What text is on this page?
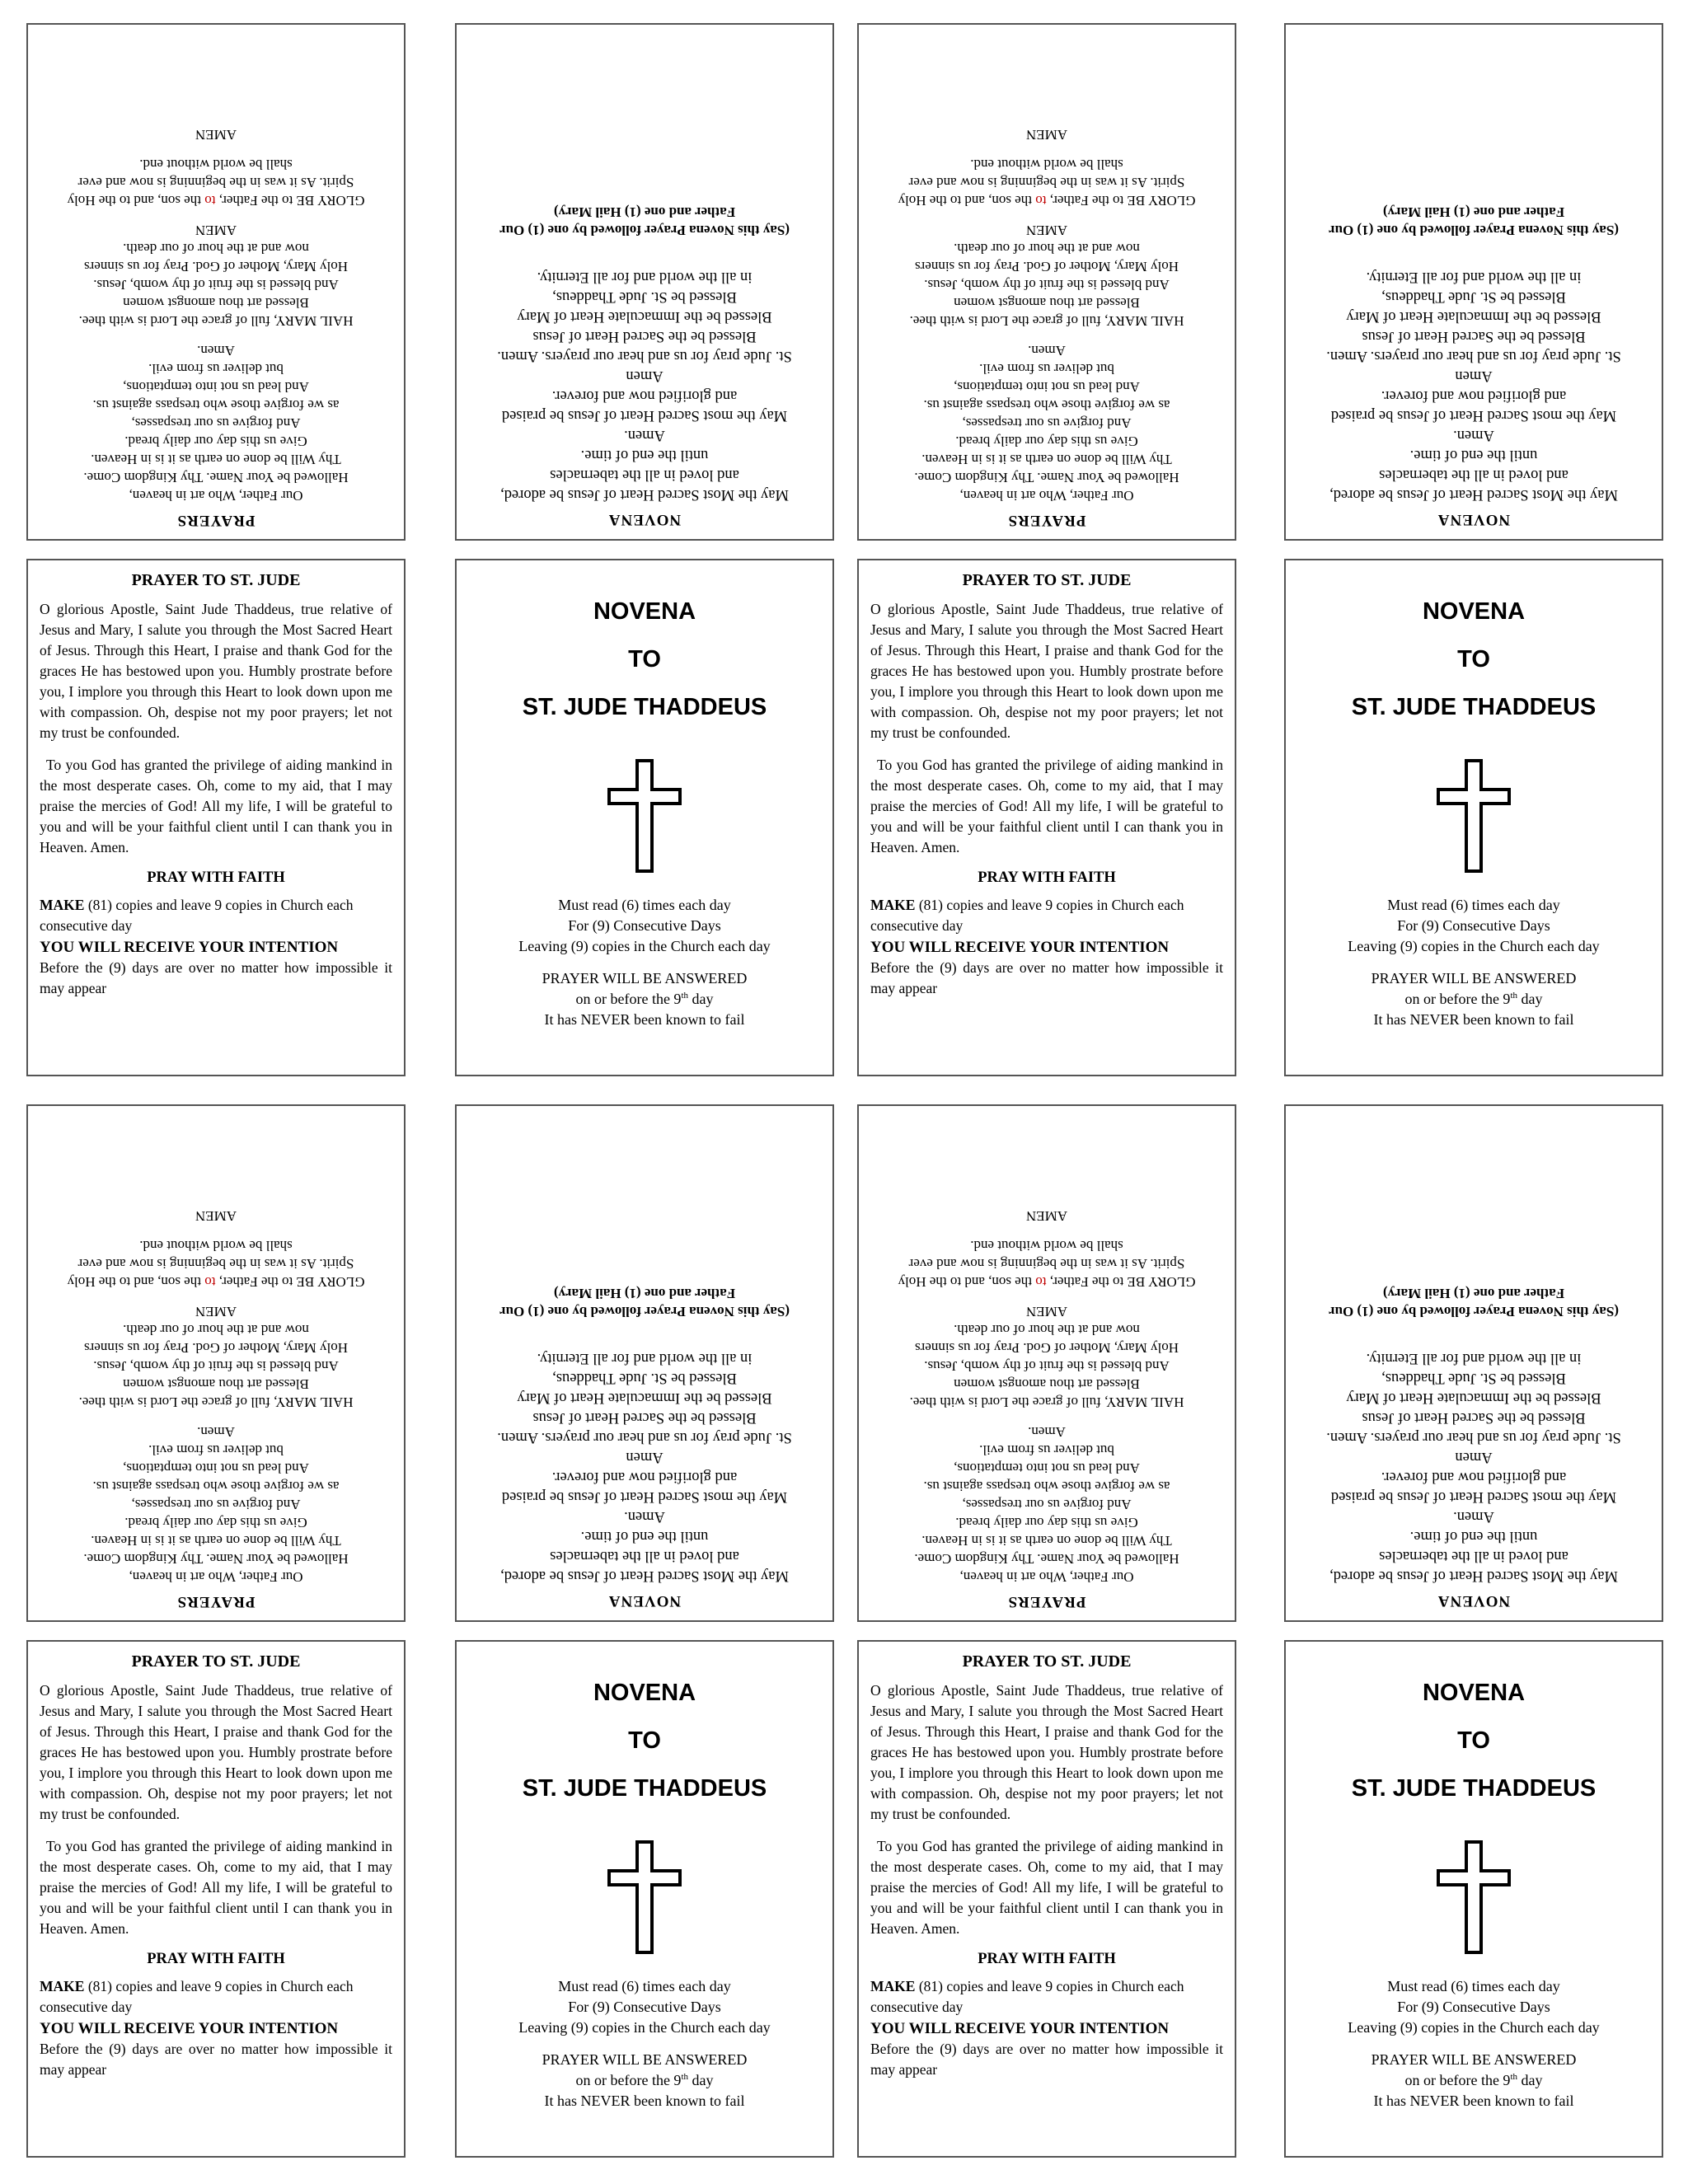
PRAYERS
Our Father, Who art in heaven,
Hallowed be Your Name. Thy Kingdom Come.
Thy Will be done on earth as it is in Heaven.
Give us this day our daily bread.
And forgive us our trespasses,
as we forgive those who trespass against us.
And lead us not into temptations,
but deliver us from evil.
Amen.
HAIL MARY, full of grace the Lord is with thee.
Blessed art thou amongst women
And blessed is the fruit of thy womb, Jesus.
Holy Mary, Mother of God. Pray for us sinners
now and at the hour of our death.
AMEN
GLORY BE to the Father, to the son, and to the Holy
Spirit. As it was in the beginning is now and ever
shall be world without end.
AMEN
NOVENA
May the Most Sacred Heart of Jesus be adored,
and loved in all the tabernacles
until the end of time.
Amen.
May the most Sacred Heart of Jesus be praised
and glorified now and forever.
Amen
St. Jude pray for us and hear our prayers. Amen.
Blessed be the Sacred Heart of Jesus
Blessed be the Immaculate Heart of Mary
Blessed be St. Jude Thaddeus,
in all the world and for all Eternity.
(Say this Novena Prayer followed by one (1) Our
Father and one (1) Hail Mary)
PRAYERS
Our Father, Who art in heaven,
Hallowed be Your Name. Thy Kingdom Come.
Thy Will be done on earth as it is in Heaven.
Give us this day our daily bread.
And forgive us our trespasses,
as we forgive those who trespass against us.
And lead us not into temptations,
but deliver us from evil.
Amen.
HAIL MARY, full of grace the Lord is with thee.
Blessed art thou amongst women
And blessed is the fruit of thy womb, Jesus.
Holy Mary, Mother of God. Pray for us sinners
now and at the hour of our death.
AMEN
GLORY BE to the Father, to the son, and to the Holy
Spirit. As it was in the beginning is now and ever
shall be world without end.
AMEN
NOVENA
May the Most Sacred Heart of Jesus be adored,
and loved in all the tabernacles
until the end of time.
Amen.
May the most Sacred Heart of Jesus be praised
and glorified now and forever.
Amen
St. Jude pray for us and hear our prayers. Amen.
Blessed be the Sacred Heart of Jesus
Blessed be the Immaculate Heart of Mary
Blessed be St. Jude Thaddeus,
in all the world and for all Eternity.
(Say this Novena Prayer followed by one (1) Our
Father and one (1) Hail Mary)
PRAYER TO ST. JUDE

O glorious Apostle, Saint Jude Thaddeus, true relative of Jesus and Mary, I salute you through the Most Sacred Heart of Jesus. Through this Heart, I praise and thank God for the graces He has bestowed upon you. Humbly prostrate before you, I implore you through this Heart to look down upon me with compassion. Oh, despise not my poor prayers; let not my trust be confounded.

To you God has granted the privilege of aiding mankind in the most desperate cases. Oh, come to my aid, that I may praise the mercies of God! All my life, I will be grateful to you and will be your faithful client until I can thank you in Heaven. Amen.

PRAY WITH FAITH
MAKE (81) copies and leave 9 copies in Church each consecutive day
YOU WILL RECEIVE YOUR INTENTION

Before the (9) days are over no matter how impossible it may appear

NOVENA
TO
ST. JUDE THADDEUS
Must read (6) times each day
For (9) Consecutive Days
Leaving (9) copies in the Church each day
PRAYER WILL BE ANSWERED
on or before the 9th day
It has NEVER been known to fail
PRAYER TO ST. JUDE

O glorious Apostle, Saint Jude Thaddeus, true relative of Jesus and Mary, I salute you through the Most Sacred Heart of Jesus. Through this Heart, I praise and thank God for the graces He has bestowed upon you. Humbly prostrate before you, I implore you through this Heart to look down upon me with compassion. Oh, despise not my poor prayers; let not my trust be confounded.

To you God has granted the privilege of aiding mankind in the most desperate cases. Oh, come to my aid, that I may praise the mercies of God! All my life, I will be grateful to you and will be your faithful client until I can thank you in Heaven. Amen.

PRAY WITH FAITH
MAKE (81) copies and leave 9 copies in Church each consecutive day
YOU WILL RECEIVE YOUR INTENTION

Before the (9) days are over no matter how impossible it may appear

NOVENA
TO
ST. JUDE THADDEUS
Must read (6) times each day
For (9) Consecutive Days
Leaving (9) copies in the Church each day
PRAYER WILL BE ANSWERED
on or before the 9th day
It has NEVER been known to fail
PRAYERS
Our Father, Who art in heaven,
Hallowed be Your Name. Thy Kingdom Come.
Thy Will be done on earth as it is in Heaven.
Give us this day our daily bread.
And forgive us our trespasses,
as we forgive those who trespass against us.
And lead us not into temptations,
but deliver us from evil.
Amen.
HAIL MARY, full of grace the Lord is with thee.
Blessed art thou amongst women
And blessed is the fruit of thy womb, Jesus.
Holy Mary, Mother of God. Pray for us sinners
now and at the hour of our death.
AMEN
GLORY BE to the Father, to the son, and to the Holy
Spirit. As it was in the beginning is now and ever
shall be world without end.
AMEN
NOVENA
May the Most Sacred Heart of Jesus be adored,
and loved in all the tabernacles
until the end of time.
Amen.
May the most Sacred Heart of Jesus be praised
and glorified now and forever.
Amen
St. Jude pray for us and hear our prayers. Amen.
Blessed be the Sacred Heart of Jesus
Blessed be the Immaculate Heart of Mary
Blessed be St. Jude Thaddeus,
in all the world and for all Eternity.
(Say this Novena Prayer followed by one (1) Our
Father and one (1) Hail Mary)
PRAYERS
Our Father, Who art in heaven,
Hallowed be Your Name. Thy Kingdom Come.
Thy Will be done on earth as it is in Heaven.
Give us this day our daily bread.
And forgive us our trespasses,
as we forgive those who trespass against us.
And lead us not into temptations,
but deliver us from evil.
Amen.
HAIL MARY, full of grace the Lord is with thee.
Blessed art thou amongst women
And blessed is the fruit of thy womb, Jesus.
Holy Mary, Mother of God. Pray for us sinners
now and at the hour of our death.
AMEN
GLORY BE to the Father, to the son, and to the Holy
Spirit. As it was in the beginning is now and ever
shall be world without end.
AMEN
NOVENA
May the Most Sacred Heart of Jesus be adored,
and loved in all the tabernacles
until the end of time.
Amen.
May the most Sacred Heart of Jesus be praised
and glorified now and forever.
Amen
St. Jude pray for us and hear our prayers. Amen.
Blessed be the Sacred Heart of Jesus
Blessed be the Immaculate Heart of Mary
Blessed be St. Jude Thaddeus,
in all the world and for all Eternity.
(Say this Novena Prayer followed by one (1) Our
Father and one (1) Hail Mary)
PRAYER TO ST. JUDE

O glorious Apostle, Saint Jude Thaddeus, true relative of Jesus and Mary, I salute you through the Most Sacred Heart of Jesus. Through this Heart, I praise and thank God for the graces He has bestowed upon you. Humbly prostrate before you, I implore you through this Heart to look down upon me with compassion. Oh, despise not my poor prayers; let not my trust be confounded.

To you God has granted the privilege of aiding mankind in the most desperate cases. Oh, come to my aid, that I may praise the mercies of God! All my life, I will be grateful to you and will be your faithful client until I can thank you in Heaven. Amen.

PRAY WITH FAITH
MAKE (81) copies and leave 9 copies in Church each consecutive day
YOU WILL RECEIVE YOUR INTENTION

Before the (9) days are over no matter how impossible it may appear

NOVENA
TO
ST. JUDE THADDEUS
Must read (6) times each day
For (9) Consecutive Days
Leaving (9) copies in the Church each day
PRAYER WILL BE ANSWERED
on or before the 9th day
It has NEVER been known to fail
PRAYER TO ST. JUDE

O glorious Apostle, Saint Jude Thaddeus, true relative of Jesus and Mary, I salute you through the Most Sacred Heart of Jesus. Through this Heart, I praise and thank God for the graces He has bestowed upon you. Humbly prostrate before you, I implore you through this Heart to look down upon me with compassion. Oh, despise not my poor prayers; let not my trust be confounded.

To you God has granted the privilege of aiding mankind in the most desperate cases. Oh, come to my aid, that I may praise the mercies of God! All my life, I will be grateful to you and will be your faithful client until I can thank you in Heaven. Amen.

PRAY WITH FAITH
MAKE (81) copies and leave 9 copies in Church each consecutive day
YOU WILL RECEIVE YOUR INTENTION

Before the (9) days are over no matter how impossible it may appear

NOVENA
TO
ST. JUDE THADDEUS
Must read (6) times each day
For (9) Consecutive Days
Leaving (9) copies in the Church each day
PRAYER WILL BE ANSWERED
on or before the 9th day
It has NEVER been known to fail
